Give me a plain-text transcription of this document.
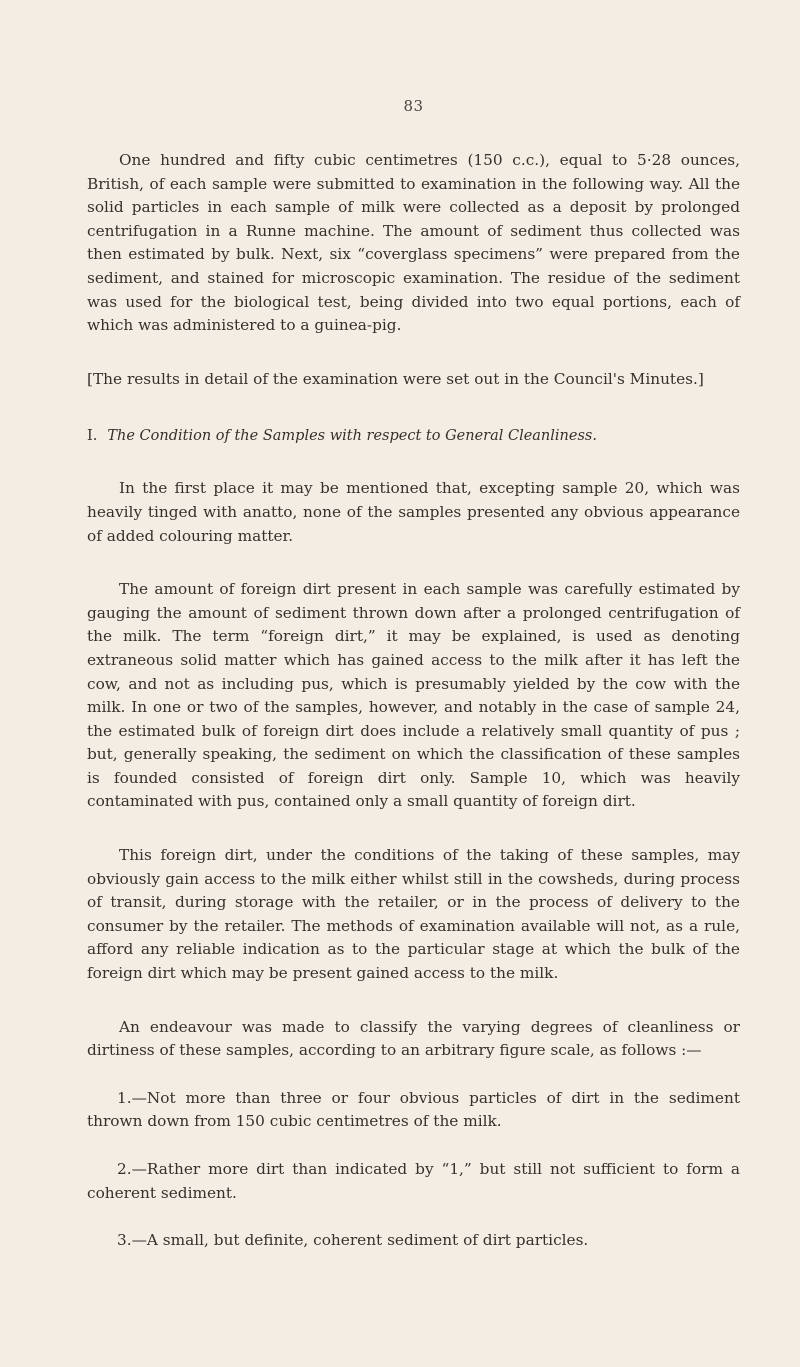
83

One hundred and fifty cubic centimetres (150 c.c.), equal to 5·28 ounces, British, of each sample were submitted to examination in the following way. All the solid particles in each sample of milk were collected as a deposit by prolonged centrifugation in a Runne machine. The amount of sediment thus collected was then estimated by bulk. Next, six “coverglass specimens” were prepared from the sediment, and stained for microscopic examination. The residue of the sediment was used for the biological test, being divided into two equal portions, each of which was administered to a guinea-pig.

[The results in detail of the examination were set out in the Council's Minutes.]

I. The Condition of the Samples with respect to General Cleanliness.

In the first place it may be mentioned that, excepting sample 20, which was heavily tinged with anatto, none of the samples presented any obvious appearance of added colouring matter.

The amount of foreign dirt present in each sample was carefully estimated by gauging the amount of sediment thrown down after a prolonged centrifugation of the milk. The term “foreign dirt,” it may be explained, is used as denoting extraneous solid matter which has gained access to the milk after it has left the cow, and not as including pus, which is presumably yielded by the cow with the milk. In one or two of the samples, however, and notably in the case of sample 24, the estimated bulk of foreign dirt does include a relatively small quantity of pus ; but, generally speaking, the sediment on which the classification of these samples is founded consisted of foreign dirt only. Sample 10, which was heavily contaminated with pus, contained only a small quantity of foreign dirt.

This foreign dirt, under the conditions of the taking of these samples, may obviously gain access to the milk either whilst still in the cowsheds, during process of transit, during storage with the retailer, or in the process of delivery to the consumer by the retailer. The methods of examination available will not, as a rule, afford any reliable indication as to the particular stage at which the bulk of the foreign dirt which may be present gained access to the milk.

An endeavour was made to classify the varying degrees of cleanliness or dirtiness of these samples, according to an arbitrary figure scale, as follows :—

1.—Not more than three or four obvious particles of dirt in the sediment thrown down from 150 cubic centimetres of the milk.

2.—Rather more dirt than indicated by “1,” but still not sufficient to form a coherent sediment.

3.—A small, but definite, coherent sediment of dirt particles.
